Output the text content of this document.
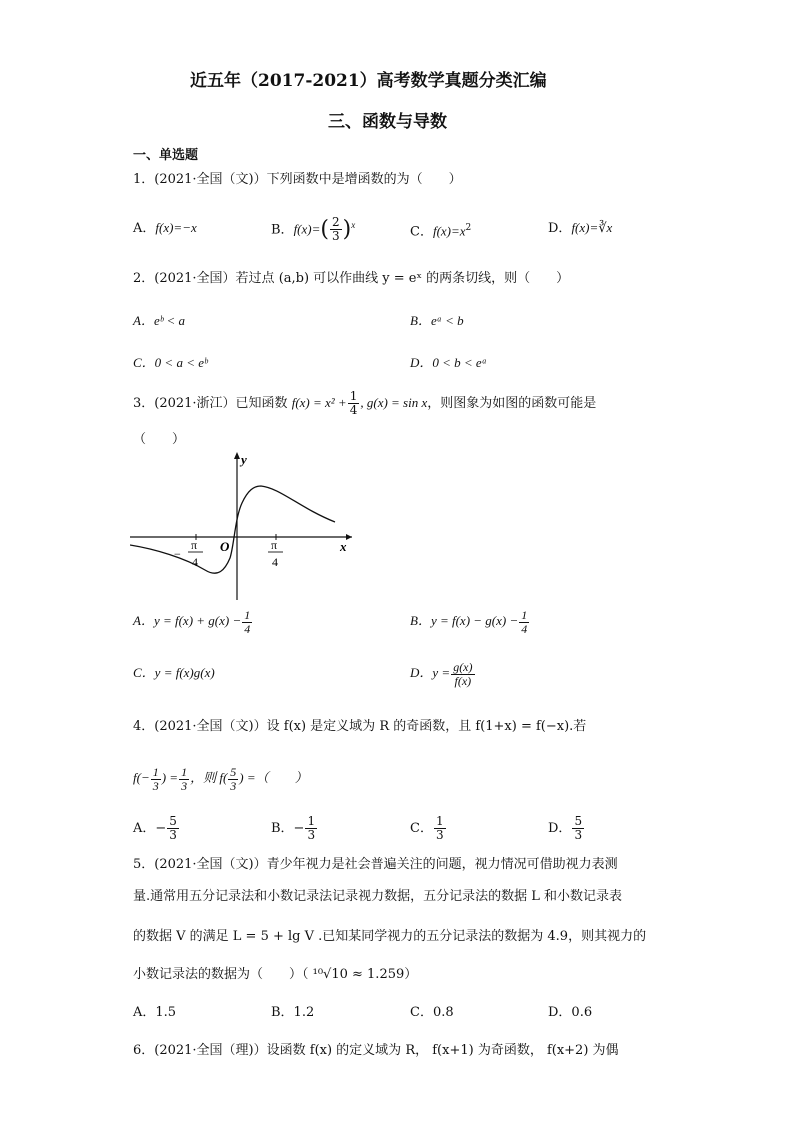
近五年（2017-2021）高考数学真题分类汇编
三、函数与导数
一、单选题
1．(2021·全国（文)）下列函数中是增函数的为（　　）
A．f(x)=−x	B．$f(x)=( \frac{2}{3} )^x$	C．$f(x)=x^2$	D．f(x)=∛x
2．(2021·全国）若过点 (a,b) 可以作曲线 y = eˣ 的两条切线，则（　　）
A．eᵇ < a	B．eᵃ < b
C．0 < a < eᵇ	D．0 < b < eᵃ
3．(2021·浙江）已知函数 $f(x) = x^2 + \frac{1}{4}$ , g(x) = sin x，则图象为如图的函数可能是
（　　）
y
x
O
−
π
4
π
4
A．$y = f(x) + g(x) - \frac{1}{4}$	B．$y = f(x) - g(x) - \frac{1}{4}$
C．y = f(x)g(x)	D．$y = \frac{g(x)}{f(x)}$
4．(2021·全国（文)）设 f(x) 是定义域为 R 的奇函数，且 f(1+x) = f(−x).若
$f(- \frac{1}{3}$ ) = $\frac{1}{3}$ ，则 $f( \frac{5}{3}$ ) =（　　）
A．− $\frac{5}{3}$	B．− $\frac{1}{3}$	C． $\frac{1}{3}$	D． $\frac{5}{3}$
5．(2021·全国（文)）青少年视力是社会普遍关注的问题，视力情况可借助视力表测
量.通常用五分记录法和小数记录法记录视力数据，五分记录法的数据 L 和小数记录表
的数据 V 的满足 L = 5 + lg V .已知某同学视力的五分记录法的数据为 4.9，则其视力的
小数记录法的数据为（　　）（ ¹⁰√10 ≈ 1.259）
A．1.5	B．1.2	C．0.8	D．0.6
6．(2021·全国（理)）设函数 f(x) 的定义域为 R， f(x+1) 为奇函数， f(x+2) 为偶
